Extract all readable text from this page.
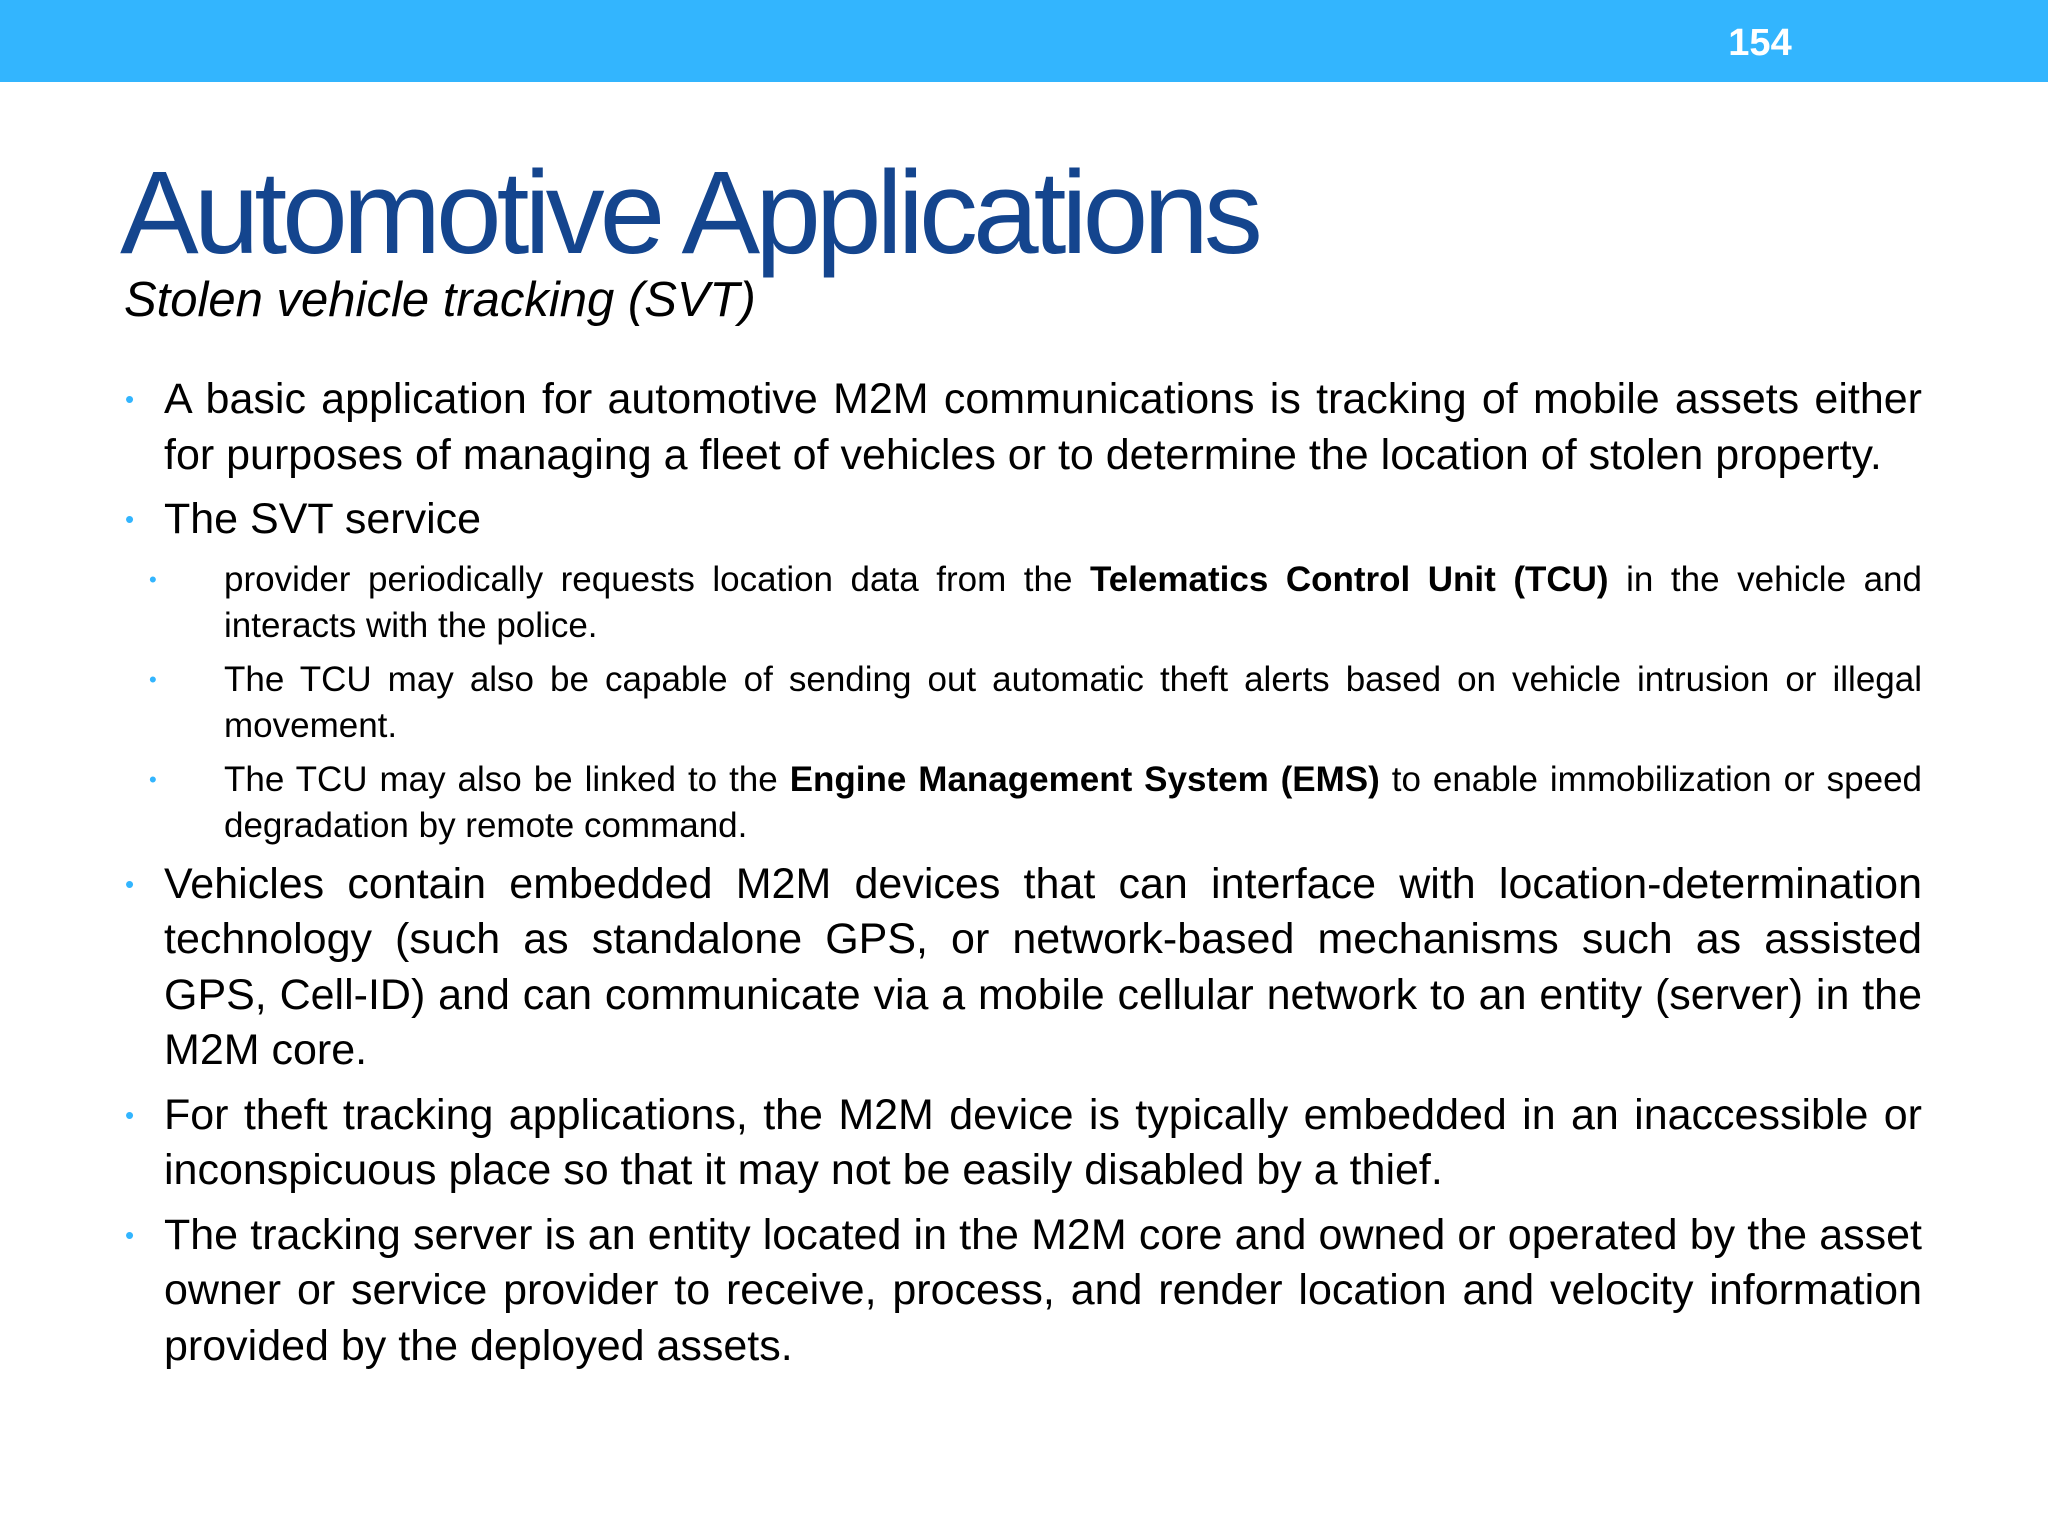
154
Automotive Applications
Stolen vehicle tracking (SVT)

• A basic application for automotive M2M communications is tracking of mobile assets either for purposes of managing a fleet of vehicles or to determine the location of stolen property.

• The SVT service

• provider periodically requests location data from the Telematics Control Unit (TCU) in the vehicle and interacts with the police.

• The TCU may also be capable of sending out automatic theft alerts based on vehicle intrusion or illegal movement.

• The TCU may also be linked to the Engine Management System (EMS) to enable immobilization or speed degradation by remote command.

• Vehicles contain embedded M2M devices that can interface with location-determination technology (such as standalone GPS, or network-based mechanisms such as assisted GPS, Cell-ID) and can communicate via a mobile cellular network to an entity (server) in the M2M core.

• For theft tracking applications, the M2M device is typically embedded in an inaccessible or inconspicuous place so that it may not be easily disabled by a thief.

• The tracking server is an entity located in the M2M core and owned or operated by the asset owner or service provider to receive, process, and render location and velocity information provided by the deployed assets.
